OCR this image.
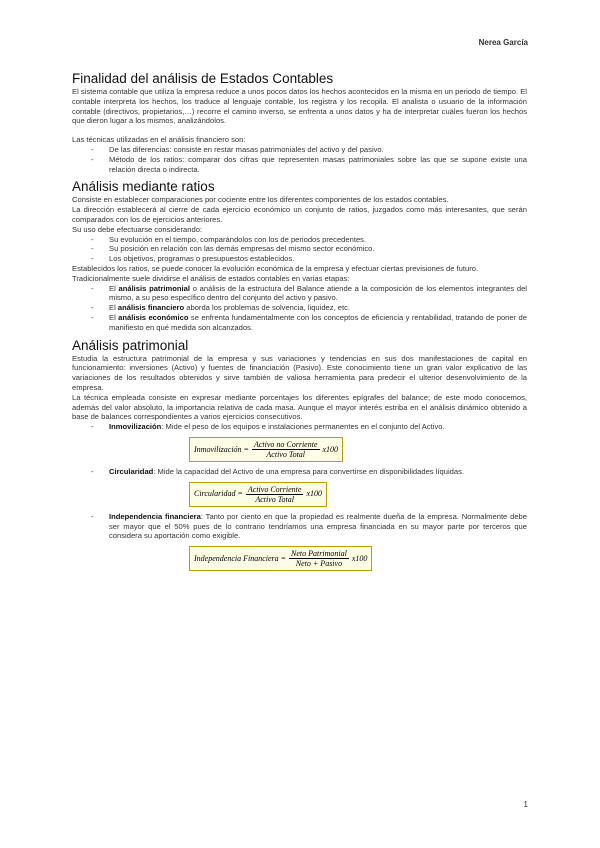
Nerea García
Finalidad del análisis de Estados Contables

El sistema contable que utiliza la empresa reduce a unos pocos datos los hechos acontecidos en la misma en un periodo de tiempo. El contable interpreta los hechos, los traduce al lenguaje contable, los registra y los recopila. El analista o usuario de la información contable (directivos, propietarios,…) recorre el camino inverso, se enfrenta a unos datos y ha de interpretar cuáles fueron los hechos que dieron lugar a los mismos, analizándolos.

Las técnicas utilizadas en el análisis financiero son:

- De las diferencias: consiste en restar masas patrimoniales del activo y del pasivo.
- Método de los ratios: comparar dos cifras que representen masas patrimoniales sobre las que se supone existe una relación directa o indirecta.
Análisis mediante ratios

Consiste en establecer comparaciones por cociente entre los diferentes componentes de los estados contables.

La dirección establecerá al cierre de cada ejercicio económico un conjunto de ratios, juzgados como más interesantes, que serán comparados con los de ejercicios anteriores.

Su uso debe efectuarse considerando:

- Su evolución en el tiempo, comparándolos con los de periodos precedentes.
- Su posición en relación con las demás empresas del mismo sector económico.
- Los objetivos, programas o presupuestos establecidos.

Establecidos los ratios, se puede conocer la evolución económica de la empresa y efectuar ciertas previsiones de futuro.

Tradicionalmente suele dividirse el análisis de estados contables en varias etapas:

- El análisis patrimonial o análisis de la estructura del Balance atiende a la composición de los elementos integrantes del mismo, a su peso específico dentro del conjunto del activo y pasivo.
- El análisis financiero aborda los problemas de solvencia, liquidez, etc.
- El análisis económico se enfrenta fundamentalmente con los conceptos de eficiencia y rentabilidad, tratando de poner de manifiesto en qué medida son alcanzados.
Análisis patrimonial

Estudia la estructura patrimonial de la empresa y sus variaciones y tendencias en sus dos manifestaciones de capital en funcionamiento: inversiones (Activo) y fuentes de financiación (Pasivo). Este conocimiento tiene un gran valor explicativo de las variaciones de los resultados obtenidos y sirve también de valiosa herramienta para predecir el ulterior desenvolvimiento de la empresa.

La técnica empleada consiste en expresar mediante porcentajes los diferentes epígrafes del balance; de este modo conocemos, además del valor absoluto, la importancia relativa de cada masa. Aunque el mayor interés estriba en el análisis dinámico obtenido a base de balances correspondientes a varios ejercicios consecutivos.

- Inmovilización: Mide el peso de los equipos e instalaciones permanentes en el conjunto del Activo.
Inmovilización = $\frac{\text{Activo no Corriente}}{\text{Activo Total}} x100$
- Circularidad: Mide la capacidad del Activo de una empresa para convertirse en disponibilidades líquidas.
Circularidad = $\frac{\text{Activo Corriente}}{\text{Activo Total}} x100$
- Independencia financiera: Tanto por ciento en que la propiedad es realmente dueña de la empresa. Normalmente debe ser mayor que el 50% pues de lo contrario tendríamos una empresa financiada en su mayor parte por terceros que considera su aportación como exigible.
Independencia Financiera = $\frac{\text{Neto Patrimonial}}{\text{Neto + Pasivo}} x100$
1
